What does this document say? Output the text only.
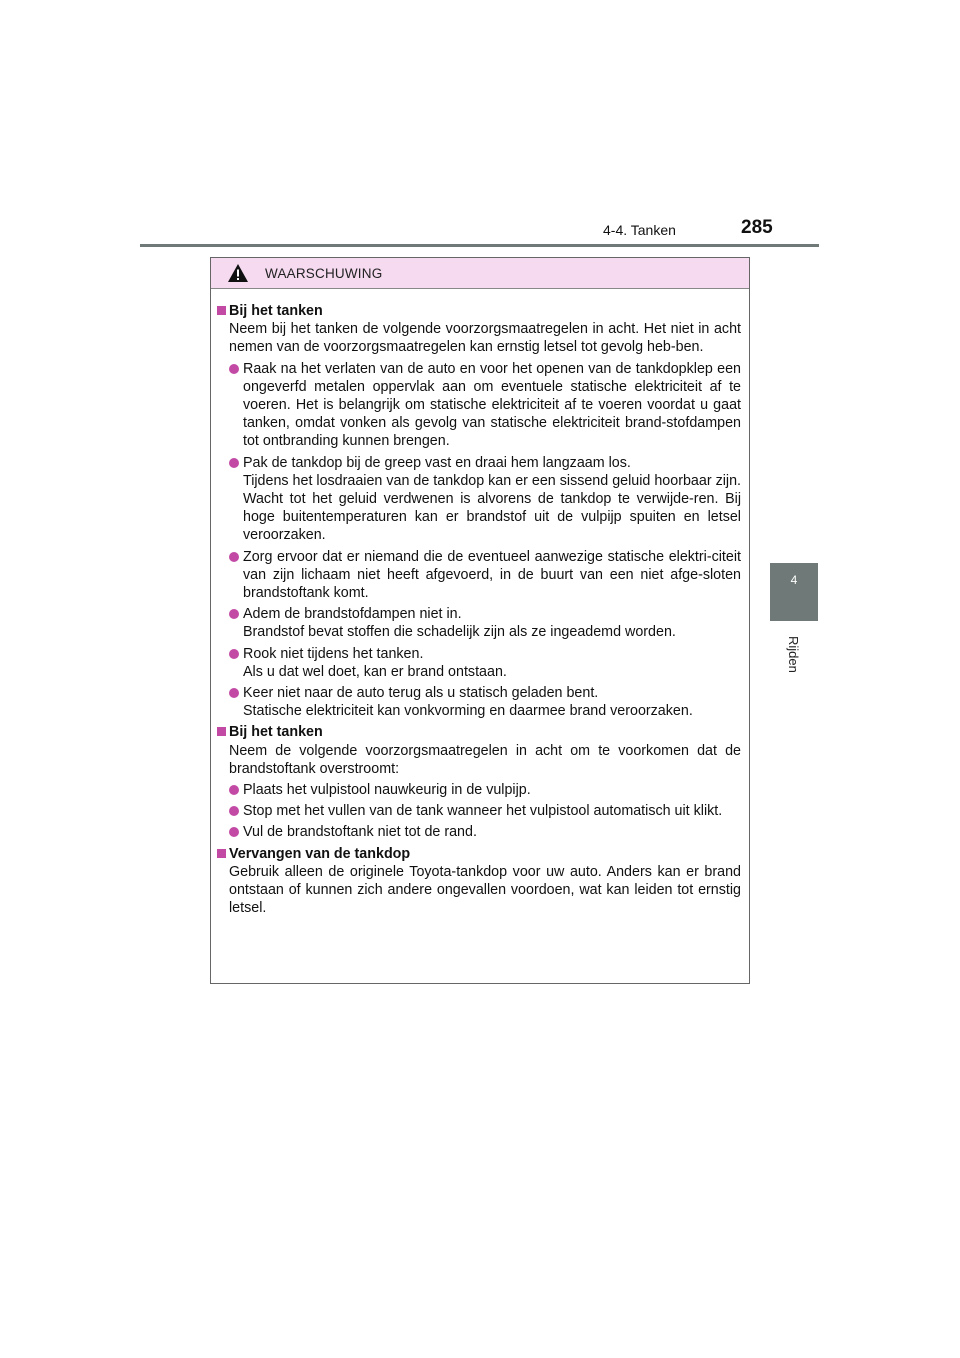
4-4. Tanken	285
4
Rijden
WAARSCHUWING
Bij het tanken
Neem bij het tanken de volgende voorzorgsmaatregelen in acht. Het niet in acht nemen van de voorzorgsmaatregelen kan ernstig letsel tot gevolg heb-ben.
Raak na het verlaten van de auto en voor het openen van de tankdopklep een ongeverfd metalen oppervlak aan om eventuele statische elektriciteit af te voeren. Het is belangrijk om statische elektriciteit af te voeren voordat u gaat tanken, omdat vonken als gevolg van statische elektriciteit brand-stofdampen tot ontbranding kunnen brengen.
Pak de tankdop bij de greep vast en draai hem langzaam los.
Tijdens het losdraaien van de tankdop kan er een sissend geluid hoorbaar zijn. Wacht tot het geluid verdwenen is alvorens de tankdop te verwijde-ren. Bij hoge buitentemperaturen kan er brandstof uit de vulpijp spuiten en letsel veroorzaken.
Zorg ervoor dat er niemand die de eventueel aanwezige statische elektri-citeit van zijn lichaam niet heeft afgevoerd, in de buurt van een niet afge-sloten brandstoftank komt.
Adem de brandstofdampen niet in.
Brandstof bevat stoffen die schadelijk zijn als ze ingeademd worden.
Rook niet tijdens het tanken.
Als u dat wel doet, kan er brand ontstaan.
Keer niet naar de auto terug als u statisch geladen bent.
Statische elektriciteit kan vonkvorming en daarmee brand veroorzaken.
Bij het tanken
Neem de volgende voorzorgsmaatregelen in acht om te voorkomen dat de brandstoftank overstroomt:
Plaats het vulpistool nauwkeurig in de vulpijp.
Stop met het vullen van de tank wanneer het vulpistool automatisch uit klikt.
Vul de brandstoftank niet tot de rand.
Vervangen van de tankdop
Gebruik alleen de originele Toyota-tankdop voor uw auto. Anders kan er brand ontstaan of kunnen zich andere ongevallen voordoen, wat kan leiden tot ernstig letsel.
